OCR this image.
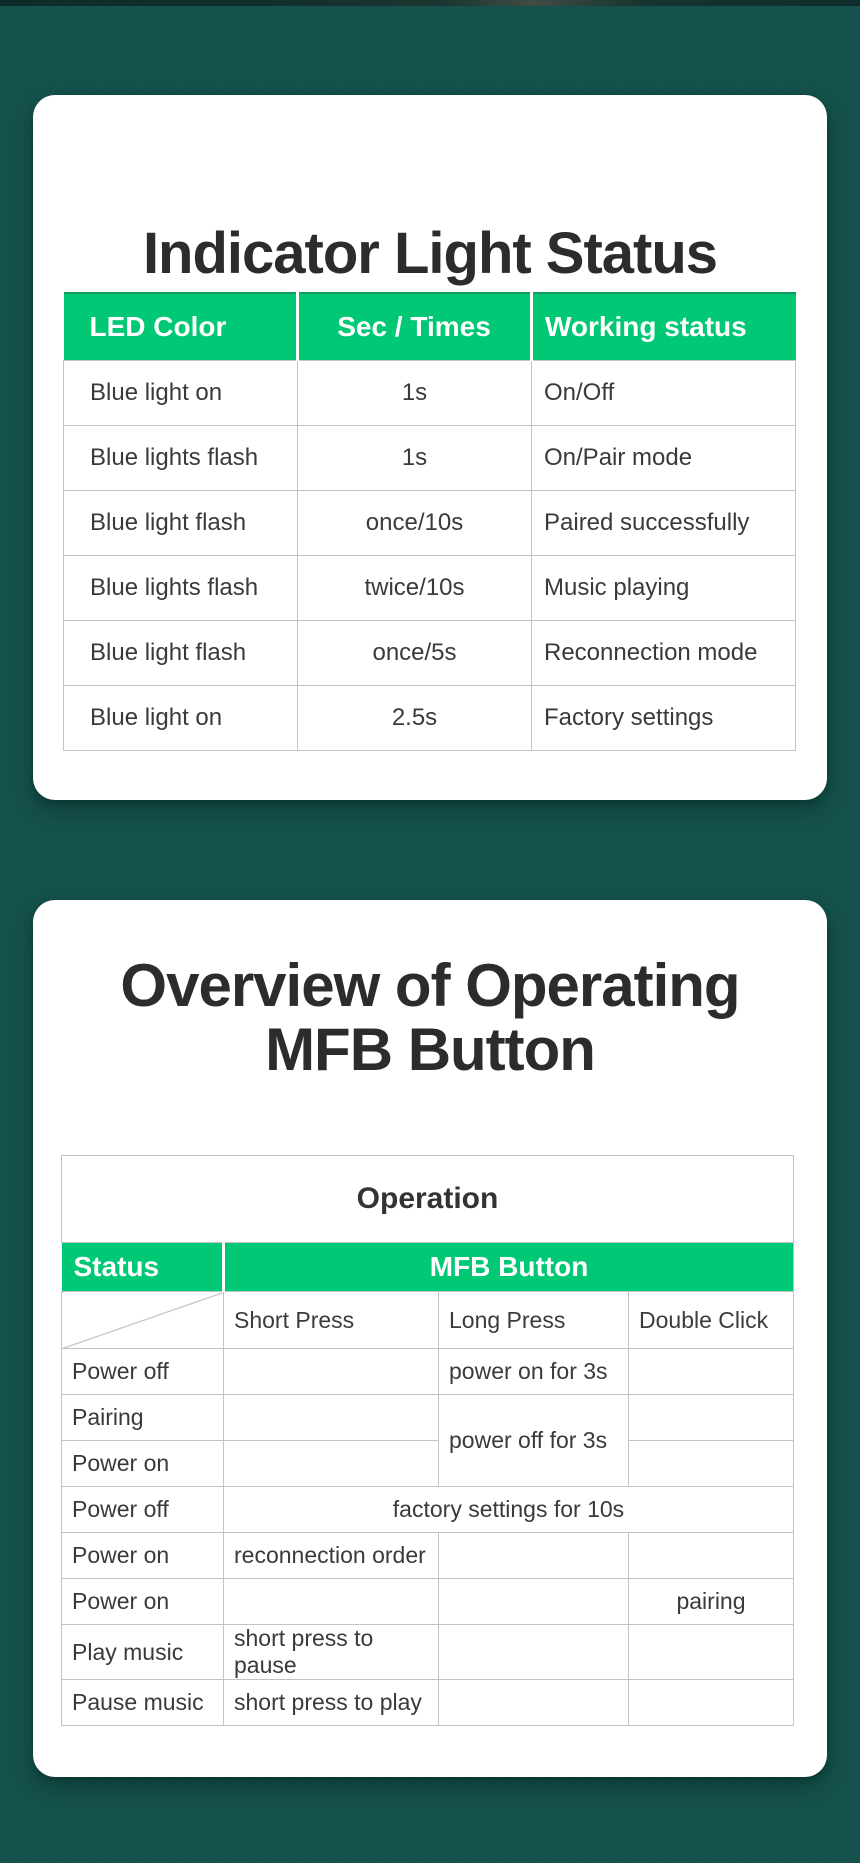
Indicator Light Status
LED Color	Sec / Times	Working status
Blue light on	1s	On/Off
Blue lights flash	1s	On/Pair mode
Blue light flash	once/10s	Paired successfully
Blue lights flash	twice/10s	Music playing
Blue light flash	once/5s	Reconnection mode
Blue light on	2.5s	Factory settings
Overview of Operating
MFB Button
Operation			
Status	MFB Button		
	Short Press	Long Press	Double Click
Power off		power on for 3s	
Pairing		power off for 3s	
Power on			
Power off	factory settings for 10s		
Power on	reconnection order		
Power on			pairing
Play music	short press to pause		
Pause music	short press to play		
